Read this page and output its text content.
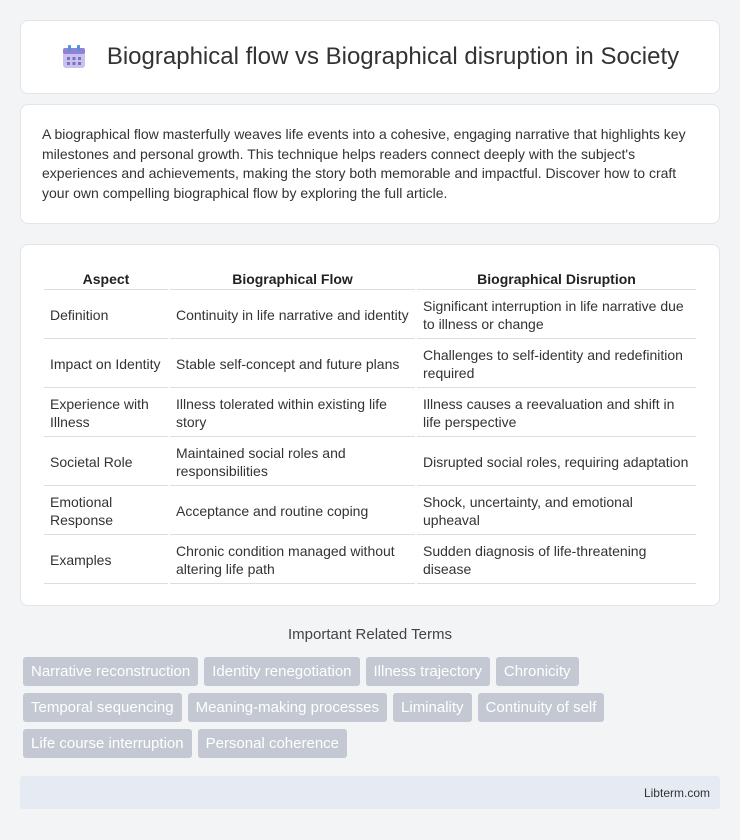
Biographical flow vs Biographical disruption in Society

A biographical flow masterfully weaves life events into a cohesive, engaging narrative that highlights key milestones and personal growth. This technique helps readers connect deeply with the subject's experiences and achievements, making the story both memorable and impactful. Discover how to craft your own compelling biographical flow by exploring the full article.

Aspect	Biographical Flow	Biographical Disruption
Definition	Continuity in life narrative and identity	Significant interruption in life narrative due to illness or change
Impact on Identity	Stable self-concept and future plans	Challenges to self-identity and redefinition required
Experience with Illness	Illness tolerated within existing life story	Illness causes a reevaluation and shift in life perspective
Societal Role	Maintained social roles and responsibilities	Disrupted social roles, requiring adaptation
Emotional Response	Acceptance and routine coping	Shock, uncertainty, and emotional upheaval
Examples	Chronic condition managed without altering life path	Sudden diagnosis of life-threatening disease
Important Related Terms
Narrative reconstruction	Identity renegotiation	Illness trajectory	Chronicity
Temporal sequencing	Meaning-making processes	Liminality	Continuity of self
Life course interruption	Personal coherence
Libterm.com
